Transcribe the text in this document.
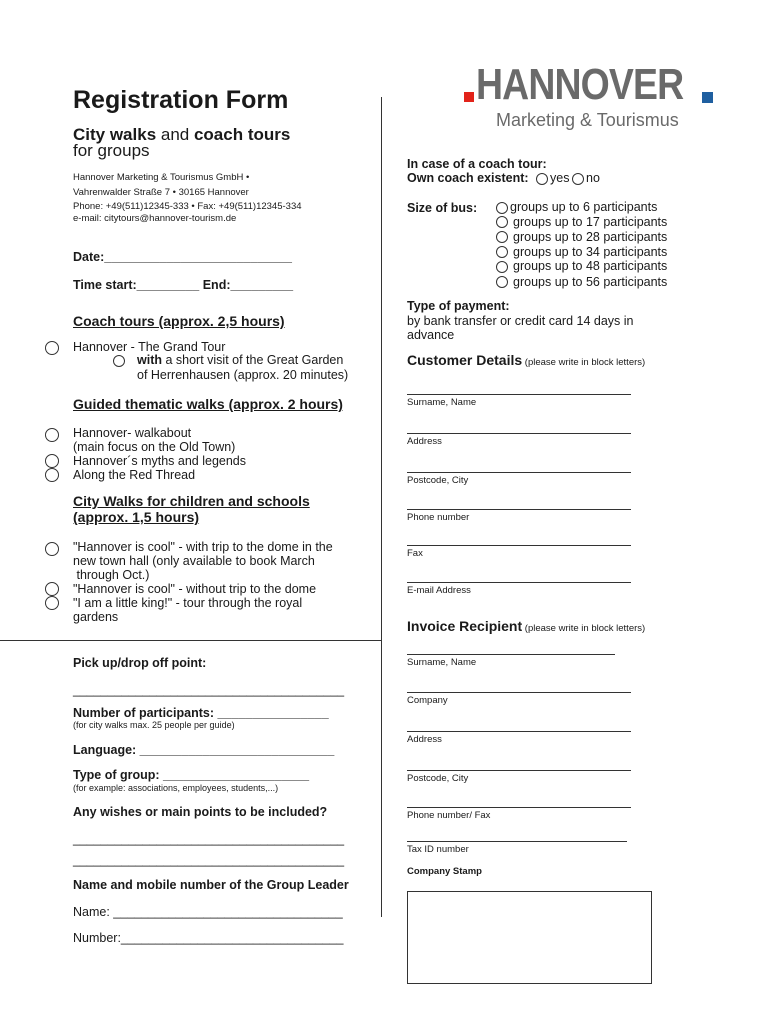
HANNOVER
Marketing & Tourismus
Registration Form
City walks and coach tours
for groups
Hannover Marketing & Tourismus GmbH •
Vahrenwalder Straße 7 • 30165 Hannover
Phone: +49(511)12345-333 • Fax: +49(511)12345-334
e-mail: citytours@hannover-tourism.de
Date:___________________________
Time start:_________ End:_________
Coach tours (approx. 2,5 hours)
Hannover - The Grand Tour
with a short visit of the Great Garden
of Herrenhausen (approx. 20 minutes)
Guided thematic walks (approx. 2 hours)
Hannover- walkabout
(main focus on the Old Town)
Hannover´s myths and legends
Along the Red Thread
City Walks for children and schools
(approx. 1,5 hours)
"Hannover is cool" - with trip to the dome in the
new town hall (only available to book March
through Oct.)
"Hannover is cool" - without trip to the dome
"I am a little king!" - tour through the royal
gardens
Pick up/drop off point:
_______________________________________
Number of participants: ________________
(for city walks max. 25 people per guide)
Language: ____________________________
Type of group: _____________________
(for example: associations, employees, students,...)
Any wishes or main points to be included?
_______________________________________
_______________________________________
Name and mobile number of the Group Leader
Name: _________________________________
Number:________________________________
In case of a coach tour:
Own coach existent: yes no
Size of bus:	groups up to 6 participants
groups up to 17 participants
groups up to 28 participants
groups up to 34 participants
groups up to 48 participants
groups up to 56 participants
Type of payment:
by bank transfer or credit card 14 days in
advance
Customer Details (please write in block letters)
Surname, Name
Address
Postcode, City
Phone number
Fax
E-mail Address
Invoice Recipient (please write in block letters)
Surname, Name
Company
Address
Postcode, City
Phone number/ Fax
Tax ID number
Company Stamp
